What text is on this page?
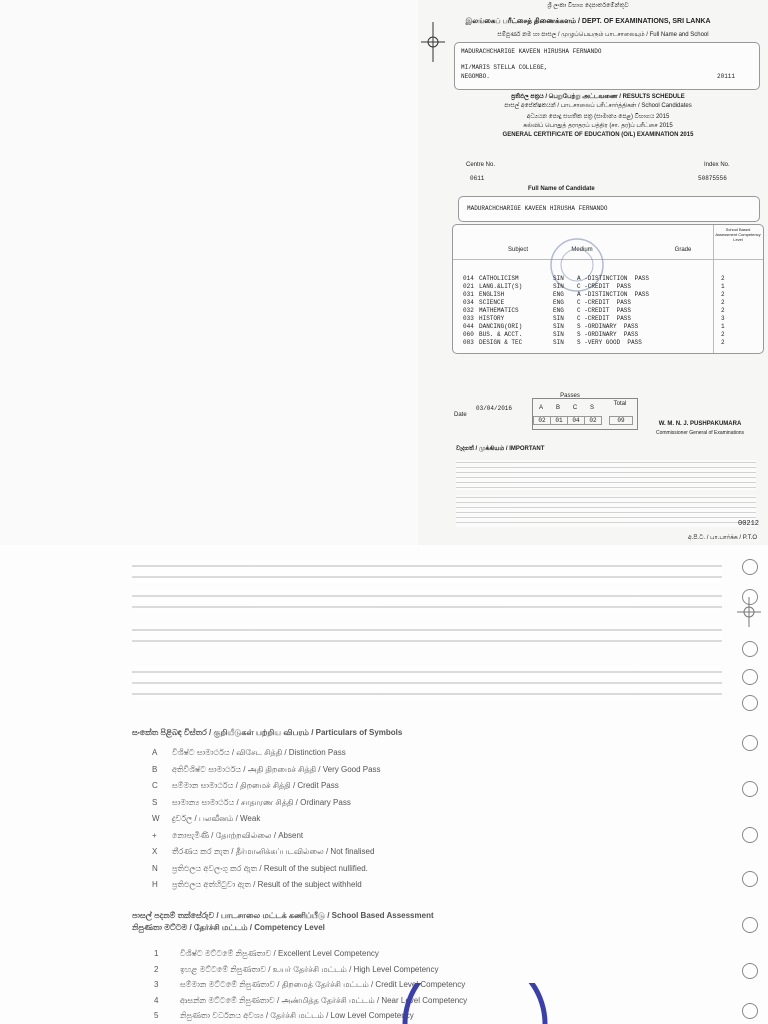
ශ්‍රී ලංකා විභාග දෙපාර්තමේන්තුව
இலங்கைப் பரீட்சைத் திணைக்களம் / DEPT. OF EXAMINATIONS, SRI LANKA
සම්පූර්ණ නම හා පාසල / முழுப்பெயரும் பாடசாலையும் / Full Name and School
MADURACHCHARIGE KAVEEN HIRUSHA FERNANDO
MI/MARIS STELLA COLLEGE,
NEGOMBO.	20111
ප්‍රතිඵල පත්‍රය / பெறுபேற்று அட்டவணை / RESULTS SCHEDULE
පාසල් අපේක්ෂකයන් / பாடசாலைப் பரீட்சார்த்திகள் / School Candidates
අධ්‍යයන පොදු සහතික පත්‍ර (සාමාන්‍ය පෙළ) විභාගය 2015
கல்விப் பொதுத் தராதரப் பத்திர (சா. தர)ப் பரீட்சை 2015
GENERAL CERTIFICATE OF EDUCATION (O/L) EXAMINATION 2015
Centre No.
0611
Full Name of Candidate
Index No.
50875556
MADURACHCHARIGE KAVEEN HIRUSHA FERNANDO
Subject	Medium	Grade
School Based Assessment Competency Level
014 CATHOLICISM	SIN A -DISTINCTION  PASS	2
021 LANG.&LIT(S)	SIN C -CREDIT  PASS	1
031 ENGLISH	ENG A -DISTINCTION  PASS	2
034 SCIENCE	ENG C -CREDIT  PASS	2
032 MATHEMATICS	ENG C -CREDIT  PASS	2
033 HISTORY	SIN C -CREDIT  PASS	3
044 DANCING(ORI)	SIN S -ORDINARY  PASS	1
060 BUS. & ACCT.	SIN S -ORDINARY  PASS	2
083 DESIGN & TEC	SIN S -VERY GOOD  PASS	2
Passes
Total
A	B	C	S
02	01	04	02	09
Date
03/04/2016
W. M. N. J. PUSHPAKUMARA
Commissioner General of Examinations
වැදගත් / முக்கியம் / IMPORTANT
අ.පි.ට. / பா.பார்க்க / P.T.O
00212
සංකේත පිළිබඳ විස්තර / குறியீடுகள் பற்றிய விபரம் / Particulars of Symbols
A විශිෂ්ට සාමාර්ථය / விசேட சித்தி / Distinction Pass
B අතිවිශිෂ්ට සාමාර්ථය / அதி திறமைச் சித்தி / Very Good Pass
C සම්මාන සාමාර්ථය / திறமைச் சித்தி / Credit Pass
S සාමාන්‍ය සාමාර්ථය / சாதாரண சித்தி / Ordinary Pass
W දුර්වල / பலவீனம் / Weak
+ නොපැමිණි / தோற்றவில்லை / Absent
X තීරණය කර නැත / தீர்மானிக்கப்படவில்லை / Not finalised
N ප්‍රතිඵලය අවලංගු කර ඇත / Result of the subject nullified.
H ප්‍රතිඵලය අත්හිටුවා ඇත / Result of the subject withheld
පාසල් පදනම් තක්සේරුව / பாடசாலை மட்டக் கணிப்பீடு / School Based Assessment
නිපුණතා මට්ටම / தேர்ச்சி மட்டம் / Competency Level
1	විශිෂ්ට මට්ටමේ නිපුණතාව / Excellent Level Competency
2	ඉහළ මට්ටමේ නිපුණතාව / உயர் தேர்ச்சி மட்டம் / High Level Competency
3	සම්මාන මට්ටමේ නිපුණතාව / திறமைத் தேர்ச்சி மட்டம் / Credit Level Competency
4	ආසන්න මට්ටමේ නිපුණතාව / அண்மித்த தேர்ச்சி மட்டம் / Near Level Competency
5	නිපුණතා වර්ධනය අවශ්‍ය / தேர்ச்சி மட்டம் / Low Level Competency
